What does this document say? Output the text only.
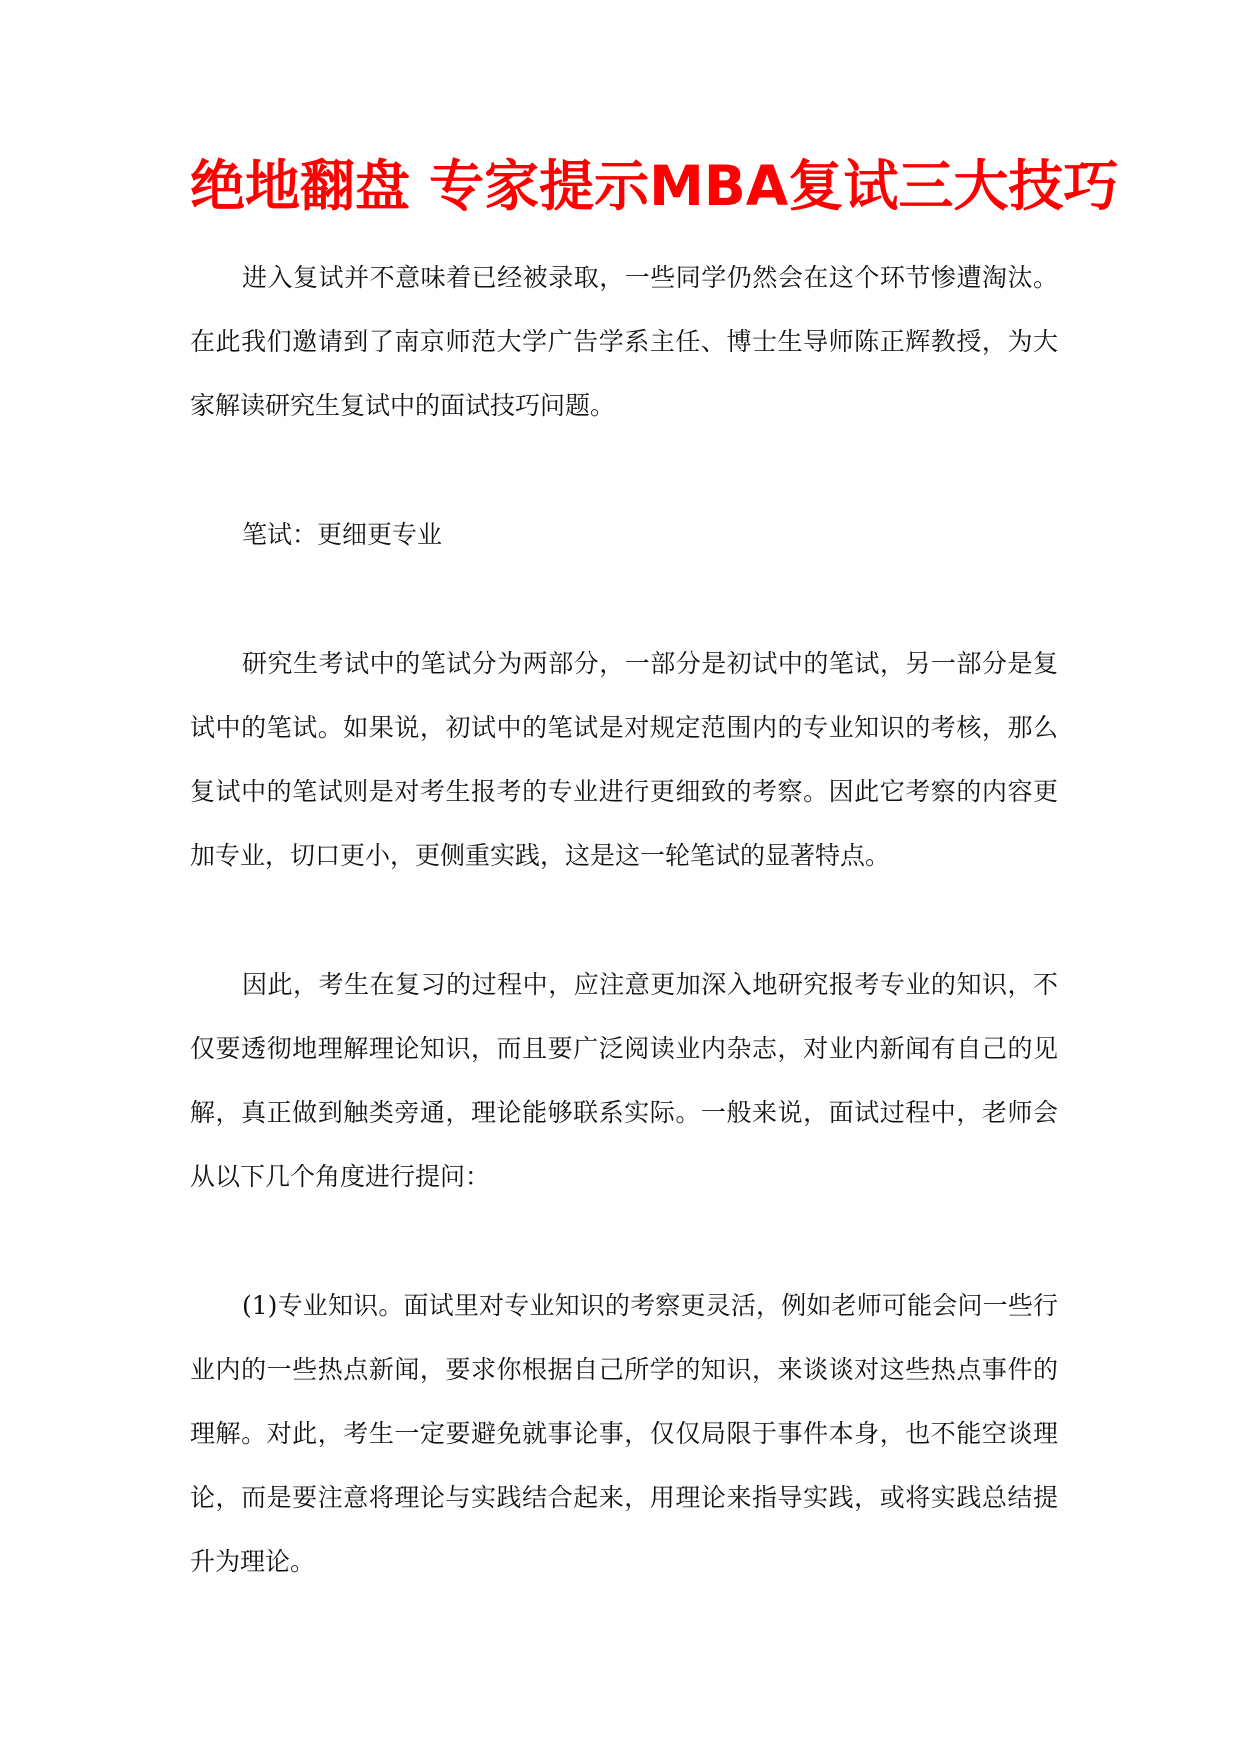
绝地翻盘 专家提示MBA复试三大技巧

进入复试并不意味着已经被录取，一些同学仍然会在这个环节惨遭淘汰。在此我们邀请到了南京师范大学广告学系主任、博士生导师陈正辉教授，为大家解读研究生复试中的面试技巧问题。

笔试：更细更专业

研究生考试中的笔试分为两部分，一部分是初试中的笔试，另一部分是复试中的笔试。如果说，初试中的笔试是对规定范围内的专业知识的考核，那么复试中的笔试则是对考生报考的专业进行更细致的考察。因此它考察的内容更加专业，切口更小，更侧重实践，这是这一轮笔试的显著特点。

因此，考生在复习的过程中，应注意更加深入地研究报考专业的知识，不仅要透彻地理解理论知识，而且要广泛阅读业内杂志，对业内新闻有自己的见解，真正做到触类旁通，理论能够联系实际。一般来说，面试过程中，老师会从以下几个角度进行提问：

(1)专业知识。面试里对专业知识的考察更灵活，例如老师可能会问一些行业内的一些热点新闻，要求你根据自己所学的知识，来谈谈对这些热点事件的理解。对此，考生一定要避免就事论事，仅仅局限于事件本身，也不能空谈理论，而是要注意将理论与实践结合起来，用理论来指导实践，或将实践总结提升为理论。
